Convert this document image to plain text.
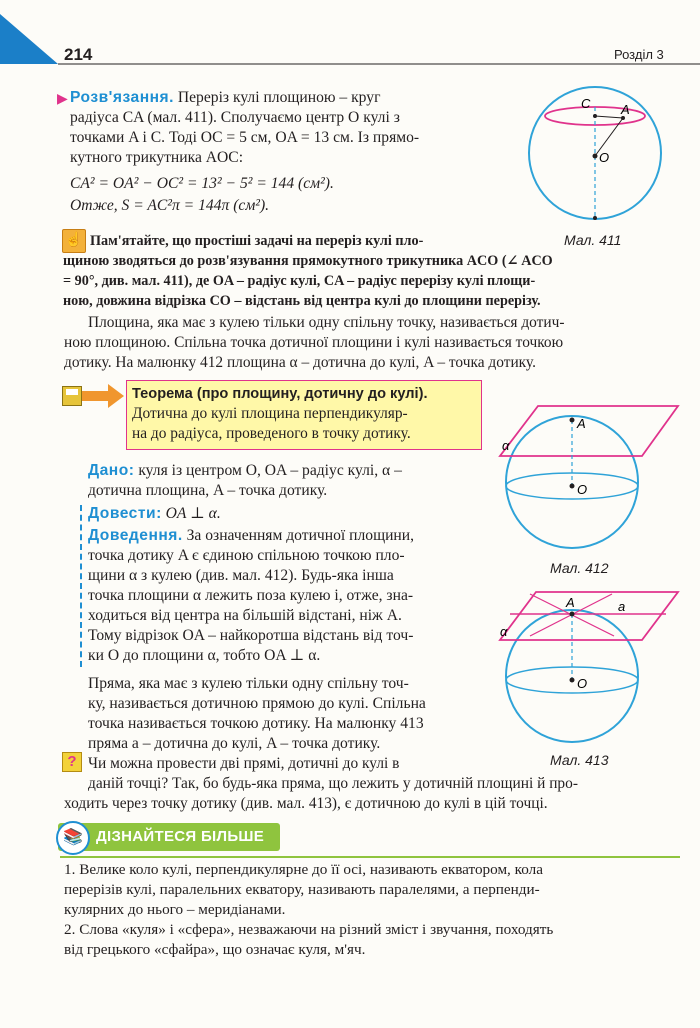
214	Розділ 3
▶ Розв'язання. Переріз кулі площиною – круг
радіуса CA (мал. 411). Сполучаємо центр O кулі з
точками A і C. Тоді OC = 5 см, OA = 13 см. Із прямо-
кутного трикутника AOC:
CA² = OA² − OC² = 13² − 5² = 144 (см²).
Отже, S = AC²π = 144π (см²).
C A
O
Мал. 411
☝ Пам'ятайте, що простіші задачі на переріз кулі пло-
щиною зводяться до розв'язування прямокутного трикутника ACO (∠ ACO
= 90°, див. мал. 411), де OA – радіус кулі, CA – радіус перерізу кулі площи-
ною, довжина відрізка CO – відстань від центра кулі до площини перерізу.
Площина, яка має з кулею тільки одну спільну точку, називається дотич-
ною площиною. Спільна точка дотичної площини і кулі називається точкою
дотику. На малюнку 412 площина α – дотична до кулі, A – точка дотику.
Теорема (про площину, дотичну до кулі).
Дотична до кулі площина перпендикуляр-
на до радіуса, проведеного в точку дотику.
A
O
α
Мал. 412
Дано: куля із центром O, OA – радіус кулі, α –
дотична площина, A – точка дотику.
Довести: OA ⊥ α.
Доведення. За означенням дотичної площини,
точка дотику A є єдиною спільною точкою пло-
щини α з кулею (див. мал. 412). Будь-яка інша
точка площини α лежить поза кулею і, отже, зна-
ходиться від центра на більшій відстані, ніж A.
Тому відрізок OA – найкоротша відстань від точ-
ки O до площини α, тобто OA ⊥ α.
Пряма, яка має з кулею тільки одну спільну точ-
ку, називається дотичною прямою до кулі. Спільна
точка називається точкою дотику. На малюнку 413
пряма a – дотична до кулі, A – точка дотику.
A	a
α
O
Мал. 413
? Чи можна провести дві прямі, дотичні до кулі в
даній точці? Так, бо будь-яка пряма, що лежить у дотичній площині й про-
ходить через точку дотику (див. мал. 413), є дотичною до кулі в цій точці.
📚 ДІЗНАЙТЕСЯ БІЛЬШЕ
1. Велике коло кулі, перпендикулярне до її осі, називають екватором, кола
перерізів кулі, паралельних екватору, називають паралелями, а перпенди-
кулярних до нього – меридіанами.
2. Слова «куля» і «сфера», незважаючи на різний зміст і звучання, походять
від грецького «сфайра», що означає куля, м'яч.
